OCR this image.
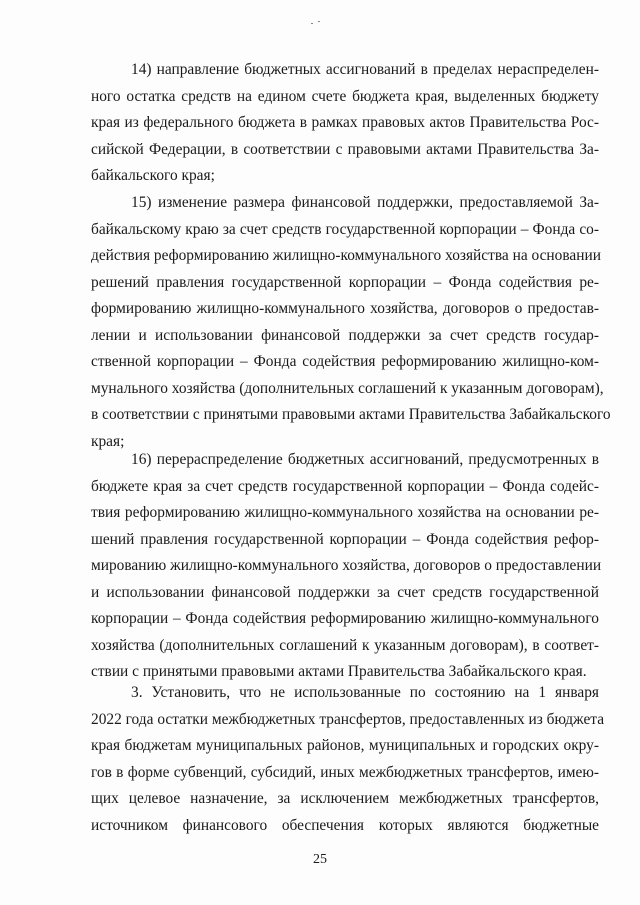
14) направление бюджетных ассигнований в пределах нераспределен-
ного остатка средств на едином счете бюджета края, выделенных бюджету
края из федерального бюджета в рамках правовых актов Правительства Рос-
сийской Федерации, в соответствии с правовыми актами Правительства За-
байкальского края;
15) изменение размера финансовой поддержки, предоставляемой За-
байкальскому краю за счет средств государственной корпорации – Фонда со-
действия реформированию жилищно-коммунального хозяйства на основании
решений правления государственной корпорации – Фонда содействия ре-
формированию жилищно-коммунального хозяйства, договоров о предостав-
лении и использовании финансовой поддержки за счет средств государ-
ственной корпорации – Фонда содействия реформированию жилищно-ком-
мунального хозяйства (дополнительных соглашений к указанным договорам),
в соответствии с принятыми правовыми актами Правительства Забайкальского
края;
16) перераспределение бюджетных ассигнований, предусмотренных в
бюджете края за счет средств государственной корпорации – Фонда содейс-
твия реформированию жилищно-коммунального хозяйства на основании ре-
шений правления государственной корпорации – Фонда содействия рефор-
мированию жилищно-коммунального хозяйства, договоров о предоставлении
и использовании финансовой поддержки за счет средств государственной
корпорации – Фонда содействия реформированию жилищно-коммунального
хозяйства (дополнительных соглашений к указанным договорам), в соответ-
ствии с принятыми правовыми актами Правительства Забайкальского края.
3. Установить, что не использованные по состоянию на 1 января
2022 года остатки межбюджетных трансфертов, предоставленных из бюджета
края бюджетам муниципальных районов, муниципальных и городских окру-
гов в форме субвенций, субсидий, иных межбюджетных трансфертов, имею-
щих целевое назначение, за исключением межбюджетных трансфертов,
источником финансового обеспечения которых являются бюджетные
25
